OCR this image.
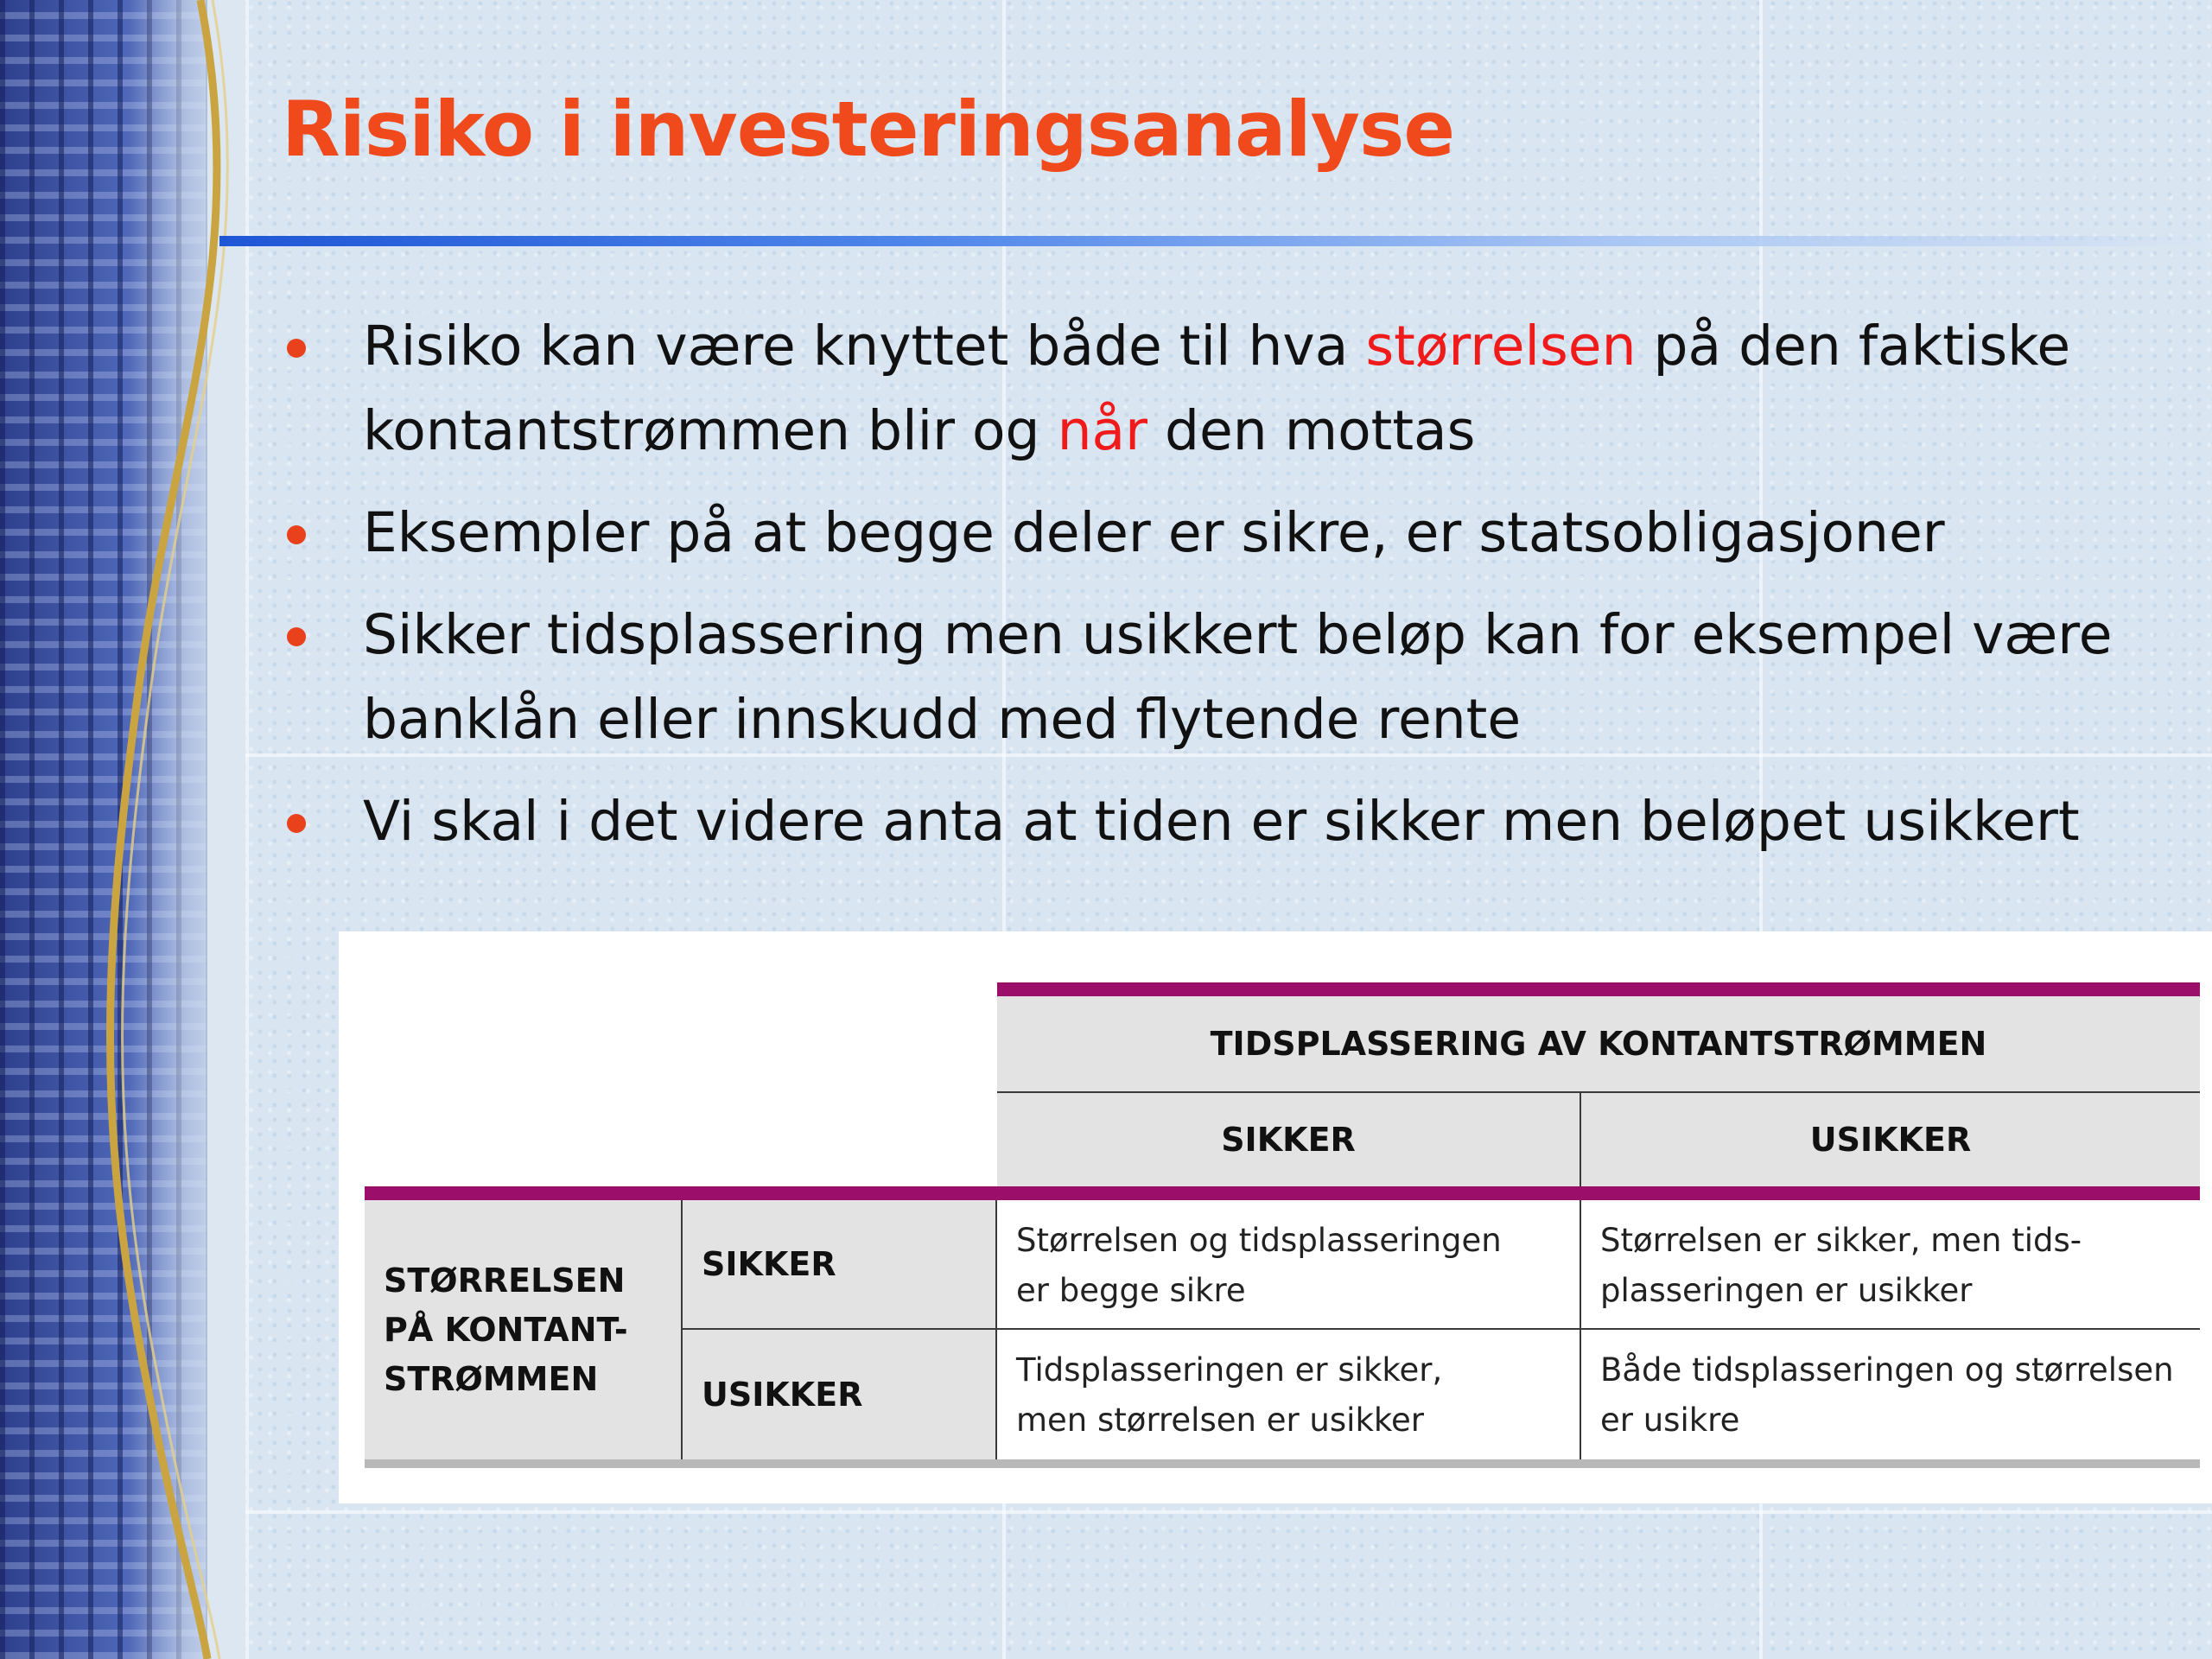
Risiko i investeringsanalyse
Risiko kan være knyttet både til hva størrelsen på den faktiske kontantstrømmen blir og når den mottas
Eksempler på at begge deler er sikre, er statsobligasjoner
Sikker tidsplassering men usikkert beløp kan for eksempel være banklån eller innskudd med flytende rente
Vi skal i det videre anta at tiden er sikker men beløpet usikkert
TIDSPLASSERING AV KONTANTSTRØMMEN
SIKKER	USIKKER
STØRRELSEN
PÅ KONTANT-
STRØMMEN
SIKKER
USIKKER
Størrelsen og tidsplasseringen
er begge sikre
Størrelsen er sikker, men tids-
plasseringen er usikker
Tidsplasseringen er sikker,
men størrelsen er usikker
Både tidsplasseringen og størrelsen
er usikre
